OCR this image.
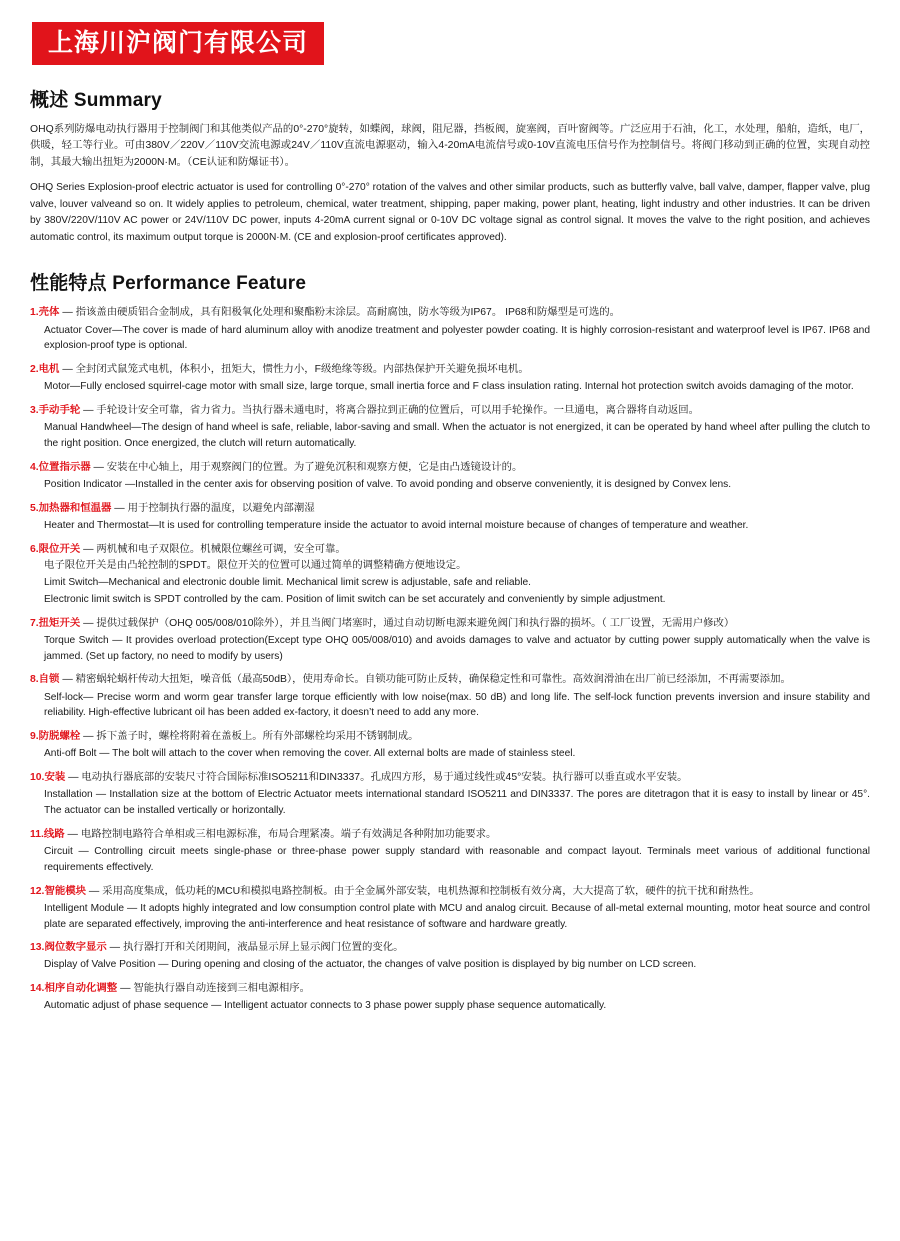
上海川沪阀门有限公司
概述 Summary

OHQ系列防爆电动执行器用于控制阀门和其他类似产品的0°-270°旋转，如蝶阀，球阀，阻尼器，挡板阀，旋塞阀，百叶窗阀等。广泛应用于石油，化工，水处理，船舶，造纸，电厂，供暖，轻工等行业。可由380V／220V／110V交流电源或24V／110V直流电源驱动，输入4-20mA电流信号或0-10V直流电压信号作为控制信号。将阀门移动到正确的位置，实现自动控制，其最大输出扭矩为2000N·M。（CE认证和防爆证书）。

OHQ Series Explosion-proof electric actuator is used for controlling 0°-270° rotation of the valves and other similar products, such as butterfly valve, ball valve, damper, flapper valve, plug valve, louver valveand so on. It widely applies to petroleum, chemical, water treatment, shipping, paper making, power plant, heating, light industry and other industries. It can be driven by 380V/220V/110V AC power or 24V/110V DC power, inputs 4-20mA current signal or 0-10V DC voltage signal as control signal. It moves the valve to the right position, and achieves automatic control, its maximum output torque is 2000N·M. (CE and explosion-proof certificates approved).

性能特点 Performance Feature
1.壳体 — 指该盖由硬质铝合金制成，具有阳极氧化处理和聚酯粉末涂层。高耐腐蚀，防水等级为IP67。 IP68和防爆型是可选的。
Actuator Cover—The cover is made of hard aluminum alloy with anodize treatment and polyester powder coating. It is highly corrosion-resistant and waterproof level is IP67. IP68 and explosion-proof type is optional.
2.电机 — 全封闭式鼠笼式电机，体积小，扭矩大，惯性力小，F级绝缘等级。内部热保护开关避免损坏电机。
Motor—Fully enclosed squirrel-cage motor with small size, large torque, small inertia force and F class insulation rating. Internal hot protection switch avoids damaging of the motor.
3.手动手轮 — 手轮设计安全可靠，省力省力。当执行器未通电时，将离合器拉到正确的位置后，可以用手轮操作。一旦通电，离合器将自动返回。
Manual Handwheel—The design of hand wheel is safe, reliable, labor-saving and small. When the actuator is not energized, it can be operated by hand wheel after pulling the clutch to the right position. Once energized, the clutch will return automatically.
4.位置指示器 — 安装在中心轴上，用于观察阀门的位置。为了避免沉积和观察方便，它是由凸透镜设计的。
Position Indicator —Installed in the center axis for observing position of valve. To avoid ponding and observe conveniently, it is designed by Convex lens.
5.加热器和恒温器 — 用于控制执行器的温度，以避免内部潮湿
Heater and Thermostat—It is used for controlling temperature inside the actuator to avoid internal moisture because of changes of temperature and weather.
6.限位开关 — 两机械和电子双限位。机械限位螺丝可调，安全可靠。
电子限位开关是由凸轮控制的SPDT。限位开关的位置可以通过简单的调整精确方便地设定。
Limit Switch—Mechanical and electronic double limit. Mechanical limit screw is adjustable, safe and reliable.
Electronic limit switch is SPDT controlled by the cam. Position of limit switch can be set accurately and conveniently by simple adjustment.
7.扭矩开关 — 提供过载保护（OHQ 005/008/010除外），并且当阀门堵塞时，通过自动切断电源来避免阀门和执行器的损坏。（ 工厂设置，无需用户修改）
Torque Switch — It provides overload protection(Except type OHQ 005/008/010) and avoids damages to valve and actuator by cutting power supply automatically when the valve is jammed. (Set up factory, no need to modify by users)
8.自锁 — 精密蜗轮蜗杆传动大扭矩，噪音低（最高50dB），使用寿命长。自锁功能可防止反转，确保稳定性和可靠性。高效润滑油在出厂前已经添加，不再需要添加。
Self-lock— Precise worm and worm gear transfer large torque efficiently with low noise(max. 50 dB) and long life. The self-lock function prevents inversion and insure stability and reliability. High-effective lubricant oil has been added ex-factory, it doesn’t need to add any more.
9.防脱螺栓 — 拆下盖子时，螺栓将附着在盖板上。所有外部螺栓均采用不锈钢制成。
Anti-off Bolt — The bolt will attach to the cover when removing the cover. All external bolts are made of stainless steel.
10.安装 — 电动执行器底部的安装尺寸符合国际标准ISO5211和DIN3337。孔成四方形，易于通过线性或45°安装。执行器可以垂直或水平安装。
Installation — Installation size at the bottom of Electric Actuator meets international standard ISO5211 and DIN3337. The pores are ditetragon that it is easy to install by linear or 45°. The actuator can be installed vertically or horizontally.
11.线路 — 电路控制电路符合单相或三相电源标准，布局合理紧凑。端子有效满足各种附加功能要求。
Circuit — Controlling circuit meets single-phase or three-phase power supply standard with reasonable and compact layout. Terminals meet various of additional functional requirements effectively.
12.智能模块 — 采用高度集成，低功耗的MCU和模拟电路控制板。由于全金属外部安装，电机热源和控制板有效分离，大大提高了软，硬件的抗干扰和耐热性。
Intelligent Module — It adopts highly integrated and low consumption control plate with MCU and analog circuit. Because of all-metal external mounting, motor heat source and control plate are separated effectively, improving the anti-interference and heat resistance of software and hardware greatly.
13.阀位数字显示 — 执行器打开和关闭期间，液晶显示屏上显示阀门位置的变化。
Display of Valve Position — During opening and closing of the actuator, the changes of valve position is displayed by big number on LCD screen.
14.相序自动化调整 — 智能执行器自动连接到三相电源相序。
Automatic adjust of phase sequence — Intelligent actuator connects to 3 phase power supply phase sequence automatically.
